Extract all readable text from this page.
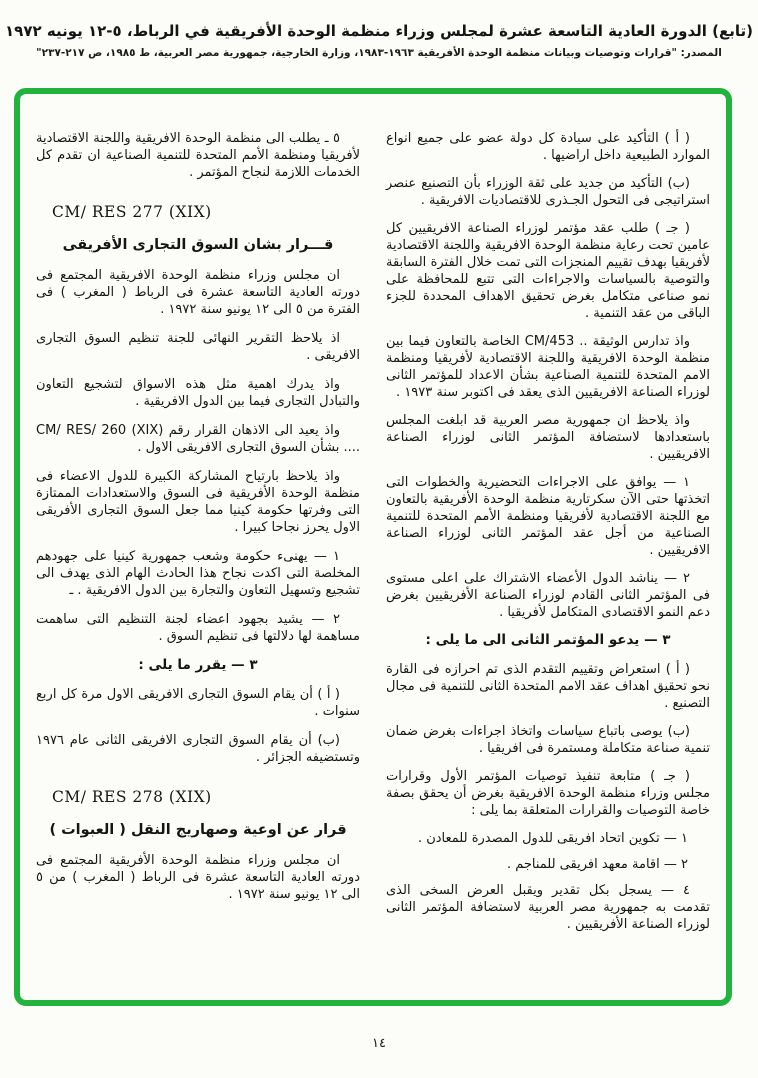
(تابع) الدورة العادية التاسعة عشرة لمجلس وزراء منظمة الوحدة الأفريقية في الرباط، ٥-١٢ يونيه ١٩٧٢
المصدر: "قرارات وتوصيات وبيانات منظمة الوحدة الأفريقية ١٩٦٣-١٩٨٣، وزارة الخارجية، جمهورية مصر العربية، ط ١٩٨٥، ص ٢١٧-٢٣٧"

( أ ) التأكيد على سيادة كل دولة عضو على جميع انواع الموارد الطبيعية داخل اراضيها .

(ب) التأكيد من جديد على ثقة الوزراء بأن التصنيع عنصر استراتيجى فى التحول الجـذرى للاقتصاديات الافريقية .

( جـ ) طلب عقد مؤتمر لوزراء الصناعة الافريقيين كل عامين تحت رعاية منظمة الوحدة الافريقية واللجنة الاقتصادية لأفريقيا بهدف تقييم المنجزات التى تمت خلال الفترة السابقة والتوصية بالسياسات والاجراءات التى تتبع للمحافظة على نمو صناعى متكامل بغرض تحقيق الاهداف المحددة للجزء الباقى من عقد التنمية .

واذ تدارس الوثيقة .. CM/453 الخاصة بالتعاون فيما بين منظمة الوحدة الافريقية واللجنة الاقتصادية لأفريقيا ومنظمة الامم المتحدة للتنمية الصناعية بشأن الاعداد للمؤتمر الثانى لوزراء الصناعة الافريقيين الذى يعقد فى اكتوبر سنة ١٩٧٣ .

واذ يلاحظ ان جمهورية مصر العربية قد ابلغت المجلس باستعدادها لاستضافة المؤتمر الثانى لوزراء الصناعة الافريقيين .

١ — يوافق على الاجراءات التحضيرية والخطوات التى اتخذتها حتى الآن سكرتارية منظمة الوحدة الأفريقية بالتعاون مع اللجنة الاقتصادية لأفريقيا ومنظمة الأمم المتحدة للتنمية الصناعية من أجل عقد المؤتمر الثانى لوزراء الصناعة الافريقيين .

٢ — يناشد الدول الأعضاء الاشتراك على اعلى مستوى فى المؤتمر الثانى القادم لوزراء الصناعة الأفريقيين بغرض دعم النمو الاقتصادى المتكامل لأفريقيا .

٣ — يدعو المؤتمر الثانى الى ما يلى :

( أ ) استعراض وتقييم التقدم الذى تم احرازه فى القارة نحو تحقيق اهداف عقد الامم المتحدة الثانى للتنمية فى مجال التصنيع .

(ب) يوصى باتباع سياسات واتخاذ اجراءات بغرض ضمان تنمية صناعة متكاملة ومستمرة فى افريقيا .

( جـ ) متابعة تنفيذ توصيات المؤتمر الأول وقرارات مجلس وزراء منظمة الوحدة الافريقية بغرض أن يحقق بصفة خاصة التوصيات والقرارات المتعلقة بما يلى :

١ — تكوين اتحاد افريقى للدول المصدرة للمعادن .

٢ — اقامة معهد افريقى للمناجم .

٤ — يسجل بكل تقدير ويقبل العرض السخى الذى تقدمت به جمهورية مصر العربية لاستضافة المؤتمر الثانى لوزراء الصناعة الأفريقيين .

٥ ـ يطلب الى منظمة الوحدة الافريقية واللجنة الاقتصادية لأفريقيا ومنظمة الأمم المتحدة للتنمية الصناعية ان تقدم كل الخدمات اللازمة لنجاح المؤتمر .

CM/ RES 277 (XIX)

قـــرار بشان السوق التجارى الأفريقى

ان مجلس وزراء منظمة الوحدة الافريقية المجتمع فى دورته العادية التاسعة عشرة فى الرباط ( المغرب ) فى الفترة من ٥ الى ١٢ يونيو سنة ١٩٧٢ .

اذ يلاحظ التقرير النهائى للجنة تنظيم السوق التجارى الافريقى .

واذ يدرك اهمية مثل هذه الاسواق لتشجيع التعاون والتبادل التجارى فيما بين الدول الافريقية .

واذ يعيد الى الاذهان القرار رقم CM/ RES/ 260 (XIX) .... بشأن السوق التجارى الافريقى الاول .

واذ يلاحظ بارتياح المشاركة الكبيرة للدول الاعضاء فى منظمة الوحدة الأفريقية فى السوق والاستعدادات الممتازة التى وفرتها حكومة كينيا مما جعل السوق التجارى الأفريقى الاول يحرز نجاحا كبيرا .

١ — يهنىء حكومة وشعب جمهورية كينيا على جهودهم المخلصة التى اكدت نجاح هذا الحادث الهام الذى يهدف الى تشجيع وتسهيل التعاون والتجارة بين الدول الافريقية . ـ

٢ — يشيد بجهود اعضاء لجنة التنظيم التى ساهمت مساهمة لها دلالتها فى تنظيم السوق .

٣ — يقرر ما يلى :

( أ ) أن يقام السوق التجارى الافريقى الاول مرة كل اربع سنوات .

(ب) أن يقام السوق التجارى الافريقى الثانى عام ١٩٧٦ وتستضيفه الجزائر .

CM/ RES 278 (XIX)

قرار عن اوعية وصهاريج النقل ( العبوات )

ان مجلس وزراء منظمة الوحدة الأفريقية المجتمع فى دورته العادية التاسعة عشرة فى الرباط ( المغرب ) من ٥ الى ١٢ يونيو سنة ١٩٧٢ .

١٤
